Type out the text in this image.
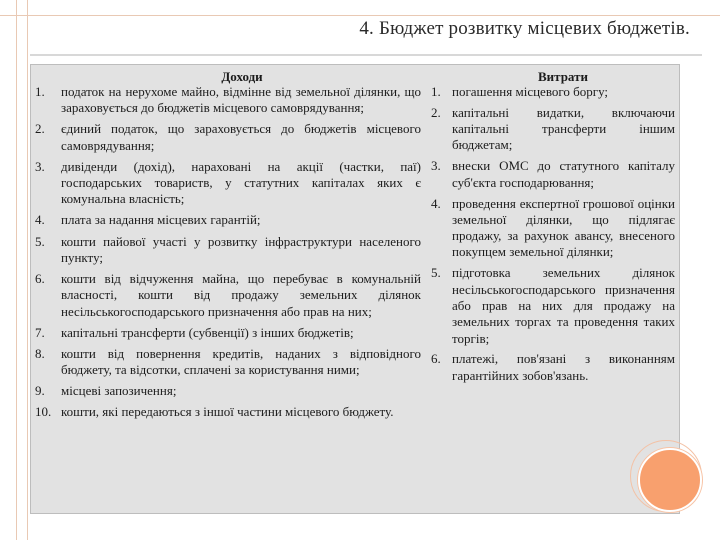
4. Бюджет розвитку місцевих бюджетів.
Доходи
1. податок на нерухоме майно, відмінне від земельної ділянки, що зараховується до бюджетів місцевого самоврядування;
2. єдиний податок, що зараховується до бюджетів місцевого самоврядування;
3. дивіденди (дохід), нараховані на акції (частки, паї) господарських товариств, у статутних капіталах яких є комунальна власність;
4. плата за надання місцевих гарантій;
5. кошти пайової участі у розвитку інфраструктури населеного пункту;
6. кошти від відчуження майна, що перебуває в комунальній власності, кошти від продажу земельних ділянок несільськогосподарського призначення або прав на них;
7. капітальні трансферти (субвенції) з інших бюджетів;
8. кошти від повернення кредитів, наданих з відповідного бюджету, та відсотки, сплачені за користування ними;
9. місцеві запозичення;
10. кошти, які передаються з іншої частини місцевого бюджету.
Витрати
1. погашення місцевого боргу;
2. капітальні видатки, включаючи капітальні трансферти іншим бюджетам;
3. внески ОМС до статутного капіталу суб'єкта господарювання;
4. проведення експертної грошової оцінки земельної ділянки, що підлягає продажу, за рахунок авансу, внесеного покупцем земельної ділянки;
5. підготовка земельних ділянок несільськогосподарського призначення або прав на них для продажу на земельних торгах та проведення таких торгів;
6. платежі, пов'язані з виконанням гарантійних зобов'язань.
